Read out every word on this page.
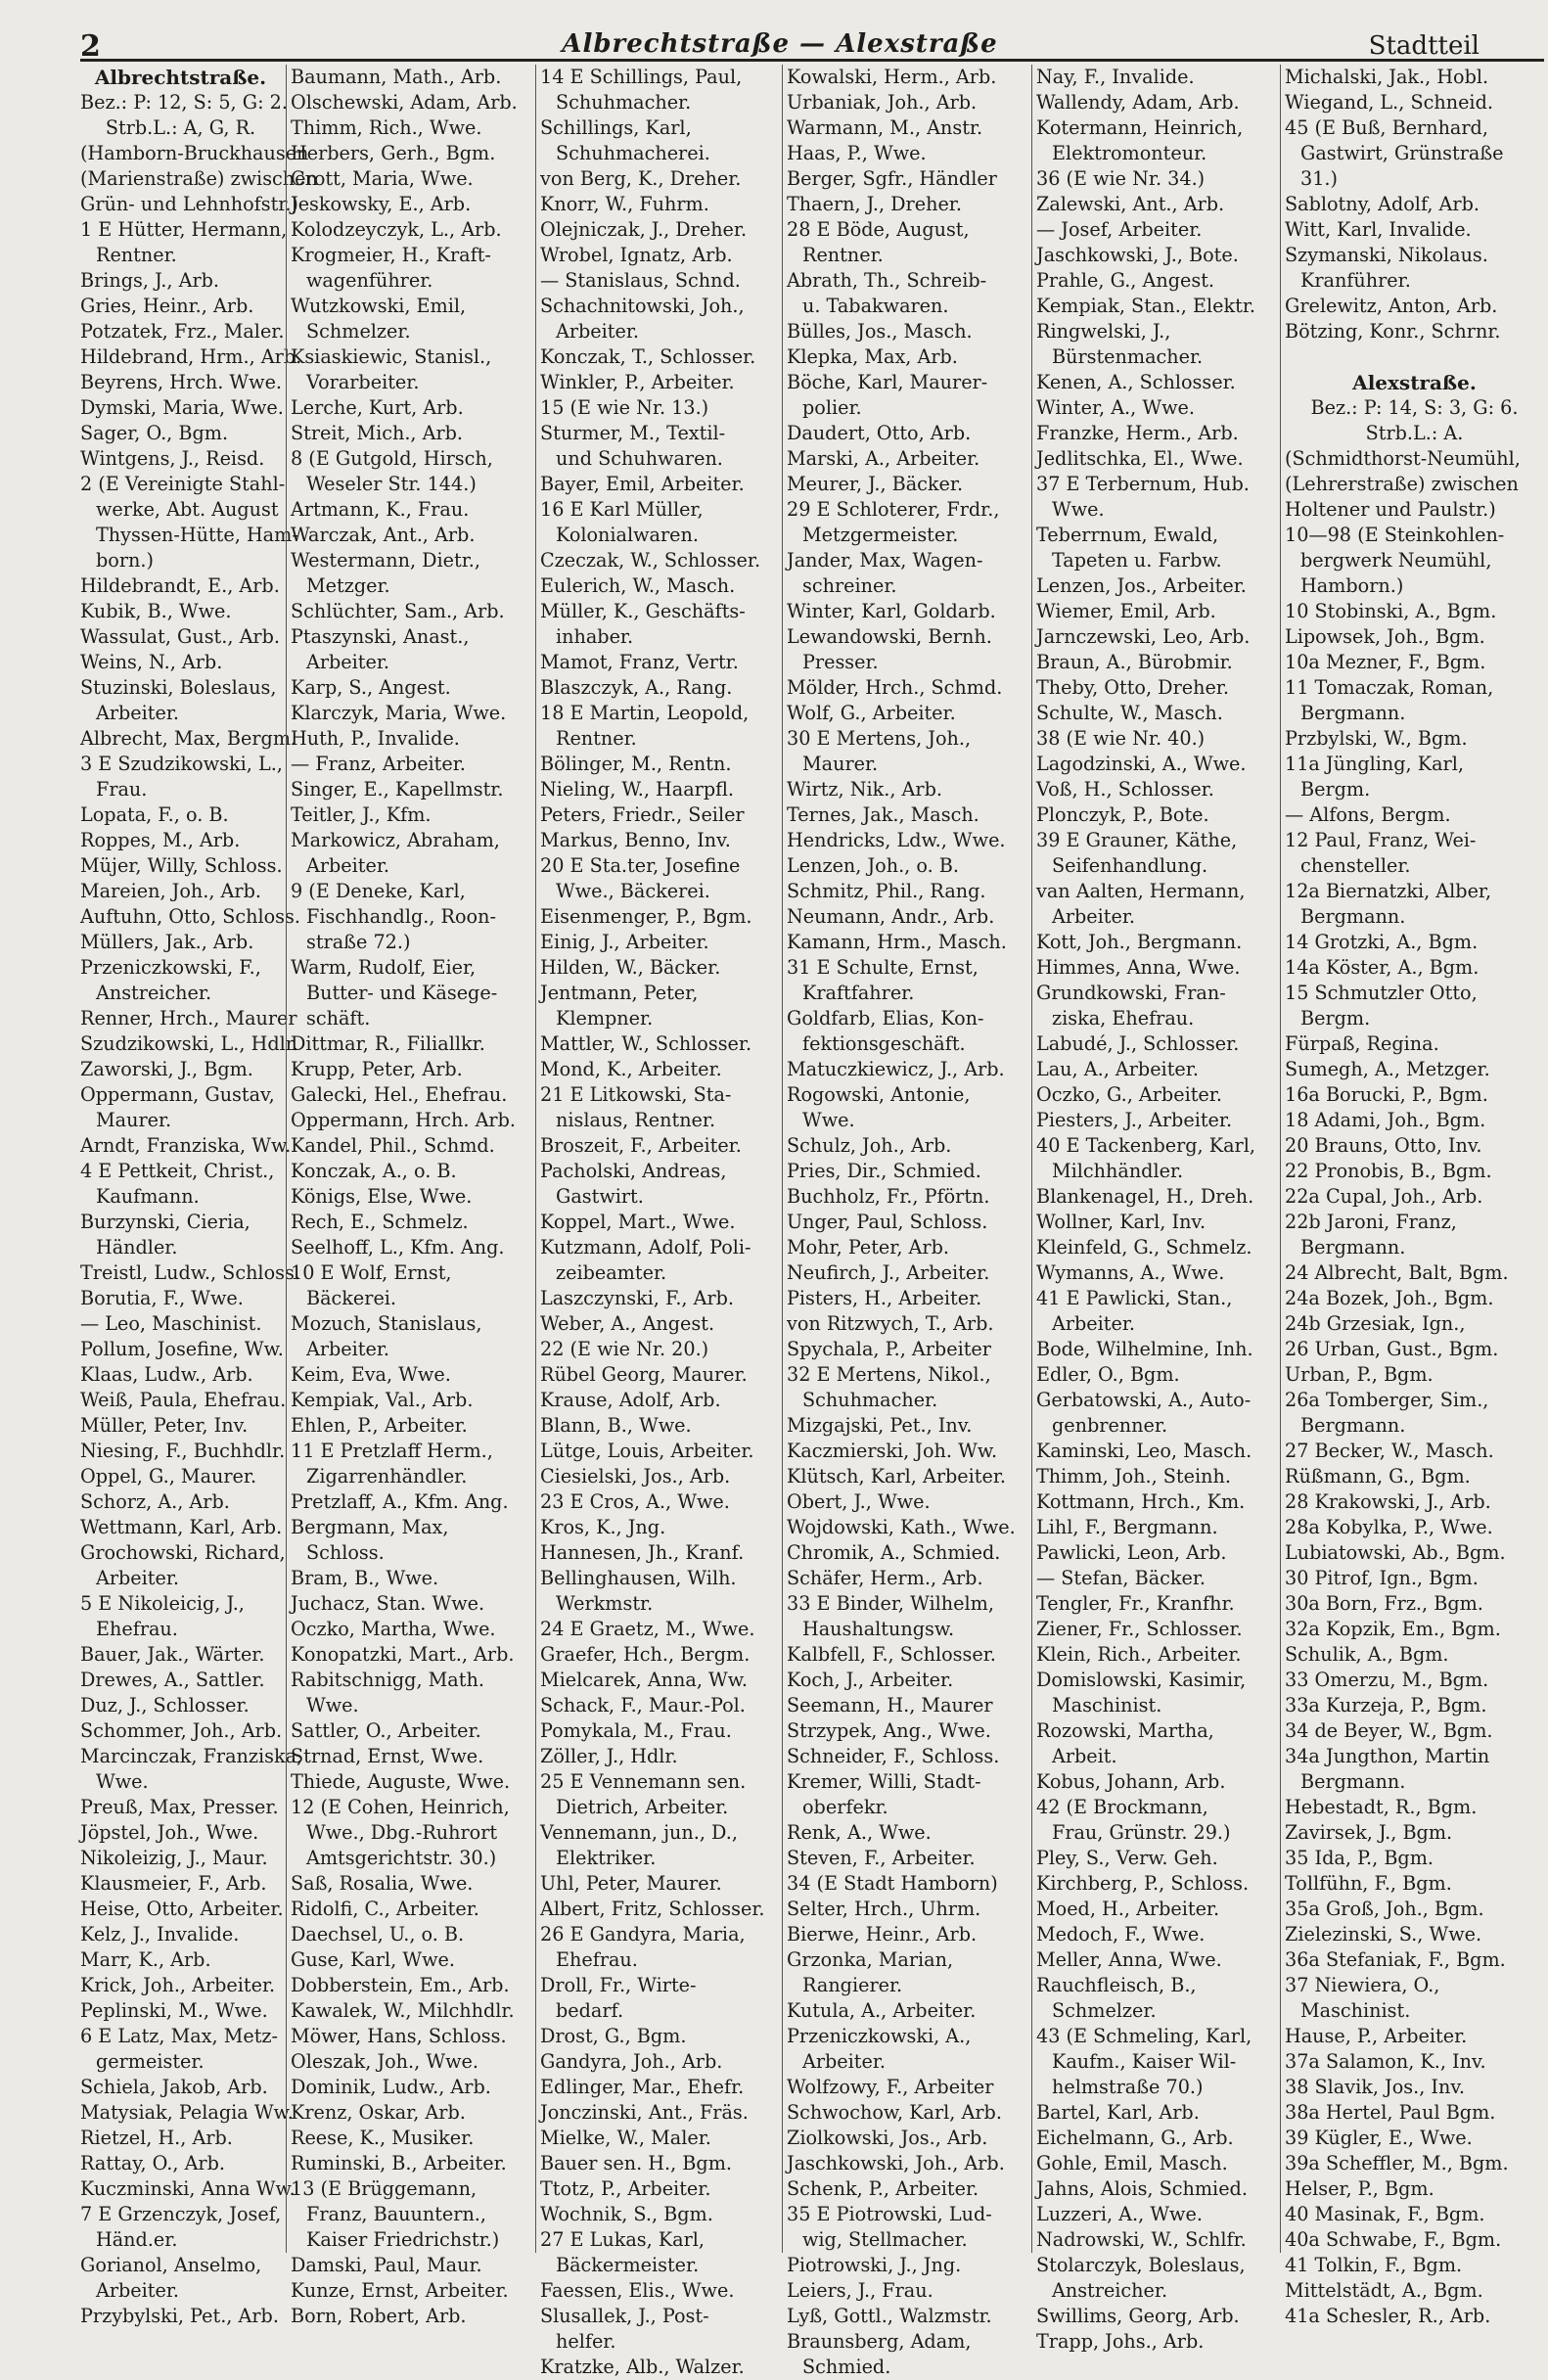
2	Albrechtstraße — Alexstraße	Stadtteil
Albrechtstraße.
Bez.: P: 12, S: 5, G: 2.
Strb.L.: A, G, R.
(Hamborn-Bruckhausen
(Marienstraße) zwischen
Grün- und Lehnhofstr.)
1 E Hütter, Hermann,
Rentner.
Brings, J., Arb.
Gries, Heinr., Arb.
Potzatek, Frz., Maler.
Hildebrand, Hrm., Arb.
Beyrens, Hrch. Wwe.
Dymski, Maria, Wwe.
Sager, O., Bgm.
Wintgens, J., Reisd.
2 (E Vereinigte Stahl-
werke, Abt. August
Thyssen-Hütte, Ham-
born.)
Hildebrandt, E., Arb.
Kubik, B., Wwe.
Wassulat, Gust., Arb.
Weins, N., Arb.
Stuzinski, Boleslaus,
Arbeiter.
Albrecht, Max, Bergm.
3 E Szudzikowski, L.,
Frau.
Lopata, F., o. B.
Roppes, M., Arb.
Müjer, Willy, Schloss.
Mareien, Joh., Arb.
Auftuhn, Otto, Schloss.
Müllers, Jak., Arb.
Przeniczkowski, F.,
Anstreicher.
Renner, Hrch., Maurer
Szudzikowski, L., Hdlr.
Zaworski, J., Bgm.
Oppermann, Gustav,
Maurer.
Arndt, Franziska, Ww.
4 E Pettkeit, Christ.,
Kaufmann.
Burzynski, Cieria,
Händler.
Treistl, Ludw., Schloss.
Borutia, F., Wwe.
— Leo, Maschinist.
Pollum, Josefine, Ww.
Klaas, Ludw., Arb.
Weiß, Paula, Ehefrau.
Müller, Peter, Inv.
Niesing, F., Buchhdlr.
Oppel, G., Maurer.
Schorz, A., Arb.
Wettmann, Karl, Arb.
Grochowski, Richard,
Arbeiter.
5 E Nikoleicig, J.,
Ehefrau.
Bauer, Jak., Wärter.
Drewes, A., Sattler.
Duz, J., Schlosser.
Schommer, Joh., Arb.
Marcinczak, Franziska,
Wwe.
Preuß, Max, Presser.
Jöpstel, Joh., Wwe.
Nikoleizig, J., Maur.
Klausmeier, F., Arb.
Heise, Otto, Arbeiter.
Kelz, J., Invalide.
Marr, K., Arb.
Krick, Joh., Arbeiter.
Peplinski, M., Wwe.
6 E Latz, Max, Metz-
germeister.
Schiela, Jakob, Arb.
Matysiak, Pelagia Ww.
Rietzel, H., Arb.
Rattay, O., Arb.
Kuczminski, Anna Ww.
7 E Grzenczyk, Josef,
Händ.er.
Gorianol, Anselmo,
Arbeiter.
Przybylski, Pet., Arb.
Baumann, Math., Arb.
Olschewski, Adam, Arb.
Thimm, Rich., Wwe.
Herbers, Gerh., Bgm.
Crott, Maria, Wwe.
Jeskowsky, E., Arb.
Kolodzeyczyk, L., Arb.
Krogmeier, H., Kraft-
wagenführer.
Wutzkowski, Emil,
Schmelzer.
Ksiaskiewic, Stanisl.,
Vorarbeiter.
Lerche, Kurt, Arb.
Streit, Mich., Arb.
8 (E Gutgold, Hirsch,
Weseler Str. 144.)
Artmann, K., Frau.
Warczak, Ant., Arb.
Westermann, Dietr.,
Metzger.
Schlüchter, Sam., Arb.
Ptaszynski, Anast.,
Arbeiter.
Karp, S., Angest.
Klarczyk, Maria, Wwe.
Huth, P., Invalide.
— Franz, Arbeiter.
Singer, E., Kapellmstr.
Teitler, J., Kfm.
Markowicz, Abraham,
Arbeiter.
9 (E Deneke, Karl,
Fischhandlg., Roon-
straße 72.)
Warm, Rudolf, Eier,
Butter- und Käsege-
schäft.
Dittmar, R., Filiallkr.
Krupp, Peter, Arb.
Galecki, Hel., Ehefrau.
Oppermann, Hrch. Arb.
Kandel, Phil., Schmd.
Konczak, A., o. B.
Königs, Else, Wwe.
Rech, E., Schmelz.
Seelhoff, L., Kfm. Ang.
10 E Wolf, Ernst,
Bäckerei.
Mozuch, Stanislaus,
Arbeiter.
Keim, Eva, Wwe.
Kempiak, Val., Arb.
Ehlen, P., Arbeiter.
11 E Pretzlaff Herm.,
Zigarrenhändler.
Pretzlaff, A., Kfm. Ang.
Bergmann, Max,
Schloss.
Bram, B., Wwe.
Juchacz, Stan. Wwe.
Oczko, Martha, Wwe.
Konopatzki, Mart., Arb.
Rabitschnigg, Math.
Wwe.
Sattler, O., Arbeiter.
Strnad, Ernst, Wwe.
Thiede, Auguste, Wwe.
12 (E Cohen, Heinrich,
Wwe., Dbg.-Ruhrort
Amtsgerichtstr. 30.)
Saß, Rosalia, Wwe.
Ridolfi, C., Arbeiter.
Daechsel, U., o. B.
Guse, Karl, Wwe.
Dobberstein, Em., Arb.
Kawalek, W., Milchhdlr.
Möwer, Hans, Schloss.
Oleszak, Joh., Wwe.
Dominik, Ludw., Arb.
Krenz, Oskar, Arb.
Reese, K., Musiker.
Ruminski, B., Arbeiter.
13 (E Brüggemann,
Franz, Bauuntern.,
Kaiser Friedrichstr.)
Damski, Paul, Maur.
Kunze, Ernst, Arbeiter.
Born, Robert, Arb.
14 E Schillings, Paul,
Schuhmacher.
Schillings, Karl,
Schuhmacherei.
von Berg, K., Dreher.
Knorr, W., Fuhrm.
Olejniczak, J., Dreher.
Wrobel, Ignatz, Arb.
— Stanislaus, Schnd.
Schachnitowski, Joh.,
Arbeiter.
Konczak, T., Schlosser.
Winkler, P., Arbeiter.
15 (E wie Nr. 13.)
Sturmer, M., Textil-
und Schuhwaren.
Bayer, Emil, Arbeiter.
16 E Karl Müller,
Kolonialwaren.
Czeczak, W., Schlosser.
Eulerich, W., Masch.
Müller, K., Geschäfts-
inhaber.
Mamot, Franz, Vertr.
Blaszczyk, A., Rang.
18 E Martin, Leopold,
Rentner.
Bölinger, M., Rentn.
Nieling, W., Haarpfl.
Peters, Friedr., Seiler
Markus, Benno, Inv.
20 E Sta.ter, Josefine
Wwe., Bäckerei.
Eisenmenger, P., Bgm.
Einig, J., Arbeiter.
Hilden, W., Bäcker.
Jentmann, Peter,
Klempner.
Mattler, W., Schlosser.
Mond, K., Arbeiter.
21 E Litkowski, Sta-
nislaus, Rentner.
Broszeit, F., Arbeiter.
Pacholski, Andreas,
Gastwirt.
Koppel, Mart., Wwe.
Kutzmann, Adolf, Poli-
zeibeamter.
Laszczynski, F., Arb.
Weber, A., Angest.
22 (E wie Nr. 20.)
Rübel Georg, Maurer.
Krause, Adolf, Arb.
Blann, B., Wwe.
Lütge, Louis, Arbeiter.
Ciesielski, Jos., Arb.
23 E Cros, A., Wwe.
Kros, K., Jng.
Hannesen, Jh., Kranf.
Bellinghausen, Wilh.
Werkmstr.
24 E Graetz, M., Wwe.
Graefer, Hch., Bergm.
Mielcarek, Anna, Ww.
Schack, F., Maur.-Pol.
Pomykala, M., Frau.
Zöller, J., Hdlr.
25 E Vennemann sen.
Dietrich, Arbeiter.
Vennemann, jun., D.,
Elektriker.
Uhl, Peter, Maurer.
Albert, Fritz, Schlosser.
26 E Gandyra, Maria,
Ehefrau.
Droll, Fr., Wirte-
bedarf.
Drost, G., Bgm.
Gandyra, Joh., Arb.
Edlinger, Mar., Ehefr.
Jonczinski, Ant., Fräs.
Mielke, W., Maler.
Bauer sen. H., Bgm.
Ttotz, P., Arbeiter.
Wochnik, S., Bgm.
27 E Lukas, Karl,
Bäckermeister.
Faessen, Elis., Wwe.
Slusallek, J., Post-
helfer.
Kratzke, Alb., Walzer.
Kowalski, Herm., Arb.
Urbaniak, Joh., Arb.
Warmann, M., Anstr.
Haas, P., Wwe.
Berger, Sgfr., Händler
Thaern, J., Dreher.
28 E Böde, August,
Rentner.
Abrath, Th., Schreib-
u. Tabakwaren.
Bülles, Jos., Masch.
Klepka, Max, Arb.
Böche, Karl, Maurer-
polier.
Daudert, Otto, Arb.
Marski, A., Arbeiter.
Meurer, J., Bäcker.
29 E Schloterer, Frdr.,
Metzgermeister.
Jander, Max, Wagen-
schreiner.
Winter, Karl, Goldarb.
Lewandowski, Bernh.
Presser.
Mölder, Hrch., Schmd.
Wolf, G., Arbeiter.
30 E Mertens, Joh.,
Maurer.
Wirtz, Nik., Arb.
Ternes, Jak., Masch.
Hendricks, Ldw., Wwe.
Lenzen, Joh., o. B.
Schmitz, Phil., Rang.
Neumann, Andr., Arb.
Kamann, Hrm., Masch.
31 E Schulte, Ernst,
Kraftfahrer.
Goldfarb, Elias, Kon-
fektionsgeschäft.
Matuczkiewicz, J., Arb.
Rogowski, Antonie,
Wwe.
Schulz, Joh., Arb.
Pries, Dir., Schmied.
Buchholz, Fr., Pförtn.
Unger, Paul, Schloss.
Mohr, Peter, Arb.
Neufirch, J., Arbeiter.
Pisters, H., Arbeiter.
von Ritzwych, T., Arb.
Spychala, P., Arbeiter
32 E Mertens, Nikol.,
Schuhmacher.
Mizgajski, Pet., Inv.
Kaczmierski, Joh. Ww.
Klütsch, Karl, Arbeiter.
Obert, J., Wwe.
Wojdowski, Kath., Wwe.
Chromik, A., Schmied.
Schäfer, Herm., Arb.
33 E Binder, Wilhelm,
Haushaltungsw.
Kalbfell, F., Schlosser.
Koch, J., Arbeiter.
Seemann, H., Maurer
Strzypek, Ang., Wwe.
Schneider, F., Schloss.
Kremer, Willi, Stadt-
oberfekr.
Renk, A., Wwe.
Steven, F., Arbeiter.
34 (E Stadt Hamborn)
Selter, Hrch., Uhrm.
Bierwe, Heinr., Arb.
Grzonka, Marian,
Rangierer.
Kutula, A., Arbeiter.
Przeniczkowski, A.,
Arbeiter.
Wolfzowy, F., Arbeiter
Schwochow, Karl, Arb.
Ziolkowski, Jos., Arb.
Jaschkowski, Joh., Arb.
Schenk, P., Arbeiter.
35 E Piotrowski, Lud-
wig, Stellmacher.
Piotrowski, J., Jng.
Leiers, J., Frau.
Lyß, Gottl., Walzmstr.
Braunsberg, Adam,
Schmied.
Nay, F., Invalide.
Wallendy, Adam, Arb.
Kotermann, Heinrich,
Elektromonteur.
36 (E wie Nr. 34.)
Zalewski, Ant., Arb.
— Josef, Arbeiter.
Jaschkowski, J., Bote.
Prahle, G., Angest.
Kempiak, Stan., Elektr.
Ringwelski, J.,
Bürstenmacher.
Kenen, A., Schlosser.
Winter, A., Wwe.
Franzke, Herm., Arb.
Jedlitschka, El., Wwe.
37 E Terbernum, Hub.
Wwe.
Teberrnum, Ewald,
Tapeten u. Farbw.
Lenzen, Jos., Arbeiter.
Wiemer, Emil, Arb.
Jarnczewski, Leo, Arb.
Braun, A., Bürobmir.
Theby, Otto, Dreher.
Schulte, W., Masch.
38 (E wie Nr. 40.)
Lagodzinski, A., Wwe.
Voß, H., Schlosser.
Plonczyk, P., Bote.
39 E Grauner, Käthe,
Seifenhandlung.
van Aalten, Hermann,
Arbeiter.
Kott, Joh., Bergmann.
Himmes, Anna, Wwe.
Grundkowski, Fran-
ziska, Ehefrau.
Labudé, J., Schlosser.
Lau, A., Arbeiter.
Oczko, G., Arbeiter.
Piesters, J., Arbeiter.
40 E Tackenberg, Karl,
Milchhändler.
Blankenagel, H., Dreh.
Wollner, Karl, Inv.
Kleinfeld, G., Schmelz.
Wymanns, A., Wwe.
41 E Pawlicki, Stan.,
Arbeiter.
Bode, Wilhelmine, Inh.
Edler, O., Bgm.
Gerbatowski, A., Auto-
genbrenner.
Kaminski, Leo, Masch.
Thimm, Joh., Steinh.
Kottmann, Hrch., Km.
Lihl, F., Bergmann.
Pawlicki, Leon, Arb.
— Stefan, Bäcker.
Tengler, Fr., Kranfhr.
Ziener, Fr., Schlosser.
Klein, Rich., Arbeiter.
Domislowski, Kasimir,
Maschinist.
Rozowski, Martha,
Arbeit.
Kobus, Johann, Arb.
42 (E Brockmann,
Frau, Grünstr. 29.)
Pley, S., Verw. Geh.
Kirchberg, P., Schloss.
Moed, H., Arbeiter.
Medoch, F., Wwe.
Meller, Anna, Wwe.
Rauchfleisch, B.,
Schmelzer.
43 (E Schmeling, Karl,
Kaufm., Kaiser Wil-
helmstraße 70.)
Bartel, Karl, Arb.
Eichelmann, G., Arb.
Gohle, Emil, Masch.
Jahns, Alois, Schmied.
Luzzeri, A., Wwe.
Nadrowski, W., Schlfr.
Stolarczyk, Boleslaus,
Anstreicher.
Swillims, Georg, Arb.
Trapp, Johs., Arb.
Michalski, Jak., Hobl.
Wiegand, L., Schneid.
45 (E Buß, Bernhard,
Gastwirt, Grünstraße
31.)
Sablotny, Adolf, Arb.
Witt, Karl, Invalide.
Szymanski, Nikolaus.
Kranführer.
Grelewitz, Anton, Arb.
Bötzing, Konr., Schrnr.

Alexstraße.
Bez.: P: 14, S: 3, G: 6.
Strb.L.: A.
(Schmidthorst-Neumühl,
(Lehrerstraße) zwischen
Holtener und Paulstr.)
10—98 (E Steinkohlen-
bergwerk Neumühl,
Hamborn.)
10 Stobinski, A., Bgm.
Lipowsek, Joh., Bgm.
10a Mezner, F., Bgm.
11 Tomaczak, Roman,
Bergmann.
Przbylski, W., Bgm.
11a Jüngling, Karl,
Bergm.
— Alfons, Bergm.
12 Paul, Franz, Wei-
chensteller.
12a Biernatzki, Alber,
Bergmann.
14 Grotzki, A., Bgm.
14a Köster, A., Bgm.
15 Schmutzler Otto,
Bergm.
Fürpaß, Regina.
Sumegh, A., Metzger.
16a Borucki, P., Bgm.
18 Adami, Joh., Bgm.
20 Brauns, Otto, Inv.
22 Pronobis, B., Bgm.
22a Cupal, Joh., Arb.
22b Jaroni, Franz,
Bergmann.
24 Albrecht, Balt, Bgm.
24a Bozek, Joh., Bgm.
24b Grzesiak, Ign.,
26 Urban, Gust., Bgm.
Urban, P., Bgm.
26a Tomberger, Sim.,
Bergmann.
27 Becker, W., Masch.
Rüßmann, G., Bgm.
28 Krakowski, J., Arb.
28a Kobylka, P., Wwe.
Lubiatowski, Ab., Bgm.
30 Pitrof, Ign., Bgm.
30a Born, Frz., Bgm.
32a Kopzik, Em., Bgm.
Schulik, A., Bgm.
33 Omerzu, M., Bgm.
33a Kurzeja, P., Bgm.
34 de Beyer, W., Bgm.
34a Jungthon, Martin
Bergmann.
Hebestadt, R., Bgm.
Zavirsek, J., Bgm.
35 Ida, P., Bgm.
Tollfühn, F., Bgm.
35a Groß, Joh., Bgm.
Zielezinski, S., Wwe.
36a Stefaniak, F., Bgm.
37 Niewiera, O.,
Maschinist.
Hause, P., Arbeiter.
37a Salamon, K., Inv.
38 Slavik, Jos., Inv.
38a Hertel, Paul Bgm.
39 Kügler, E., Wwe.
39a Scheffler, M., Bgm.
Helser, P., Bgm.
40 Masinak, F., Bgm.
40a Schwabe, F., Bgm.
41 Tolkin, F., Bgm.
Mittelstädt, A., Bgm.
41a Schesler, R., Arb.
